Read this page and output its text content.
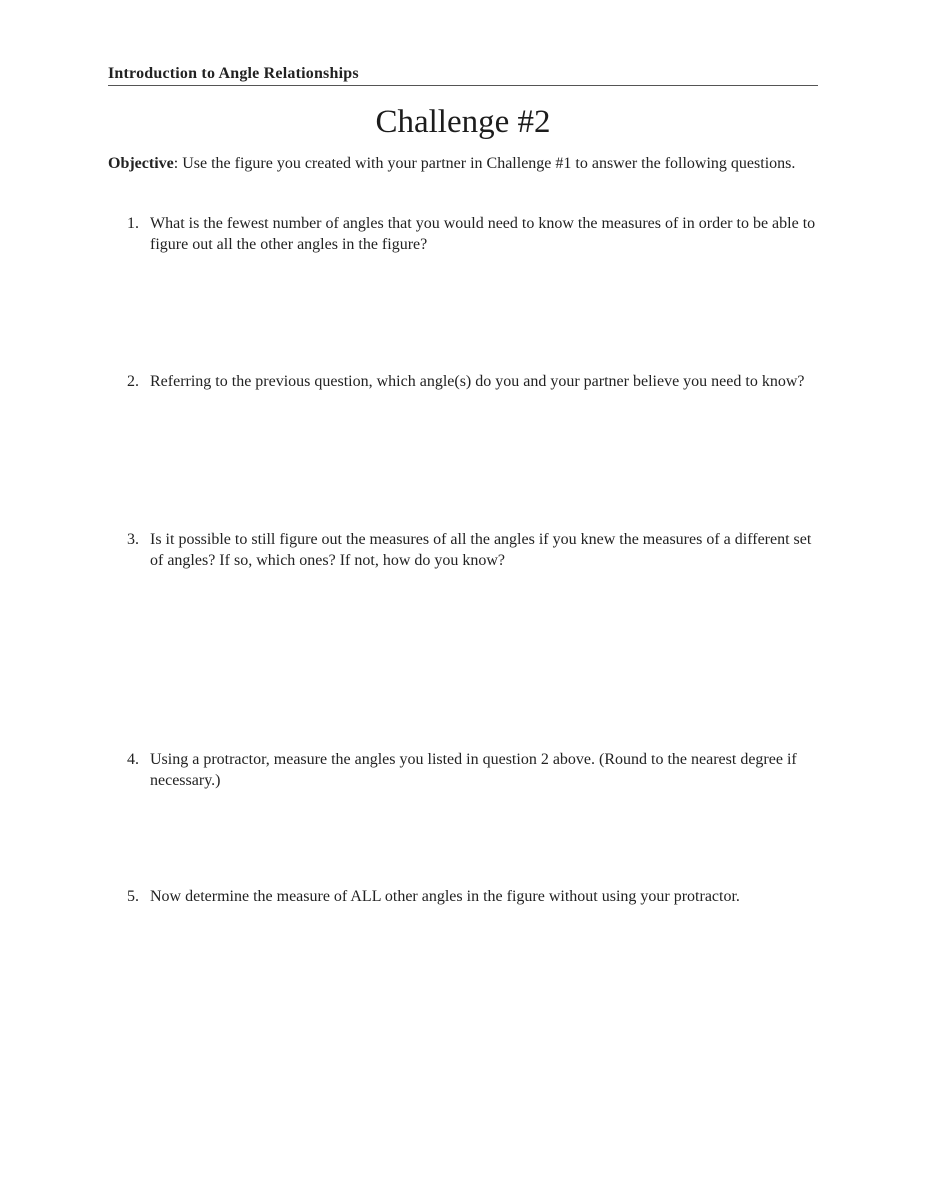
Introduction to Angle Relationships
Challenge #2
Objective: Use the figure you created with your partner in Challenge #1 to answer the following questions.
1. What is the fewest number of angles that you would need to know the measures of in order to be able to figure out all the other angles in the figure?
2. Referring to the previous question, which angle(s) do you and your partner believe you need to know?
3. Is it possible to still figure out the measures of all the angles if you knew the measures of a different set of angles? If so, which ones? If not, how do you know?
4. Using a protractor, measure the angles you listed in question 2 above. (Round to the nearest degree if necessary.)
5. Now determine the measure of ALL other angles in the figure without using your protractor.
